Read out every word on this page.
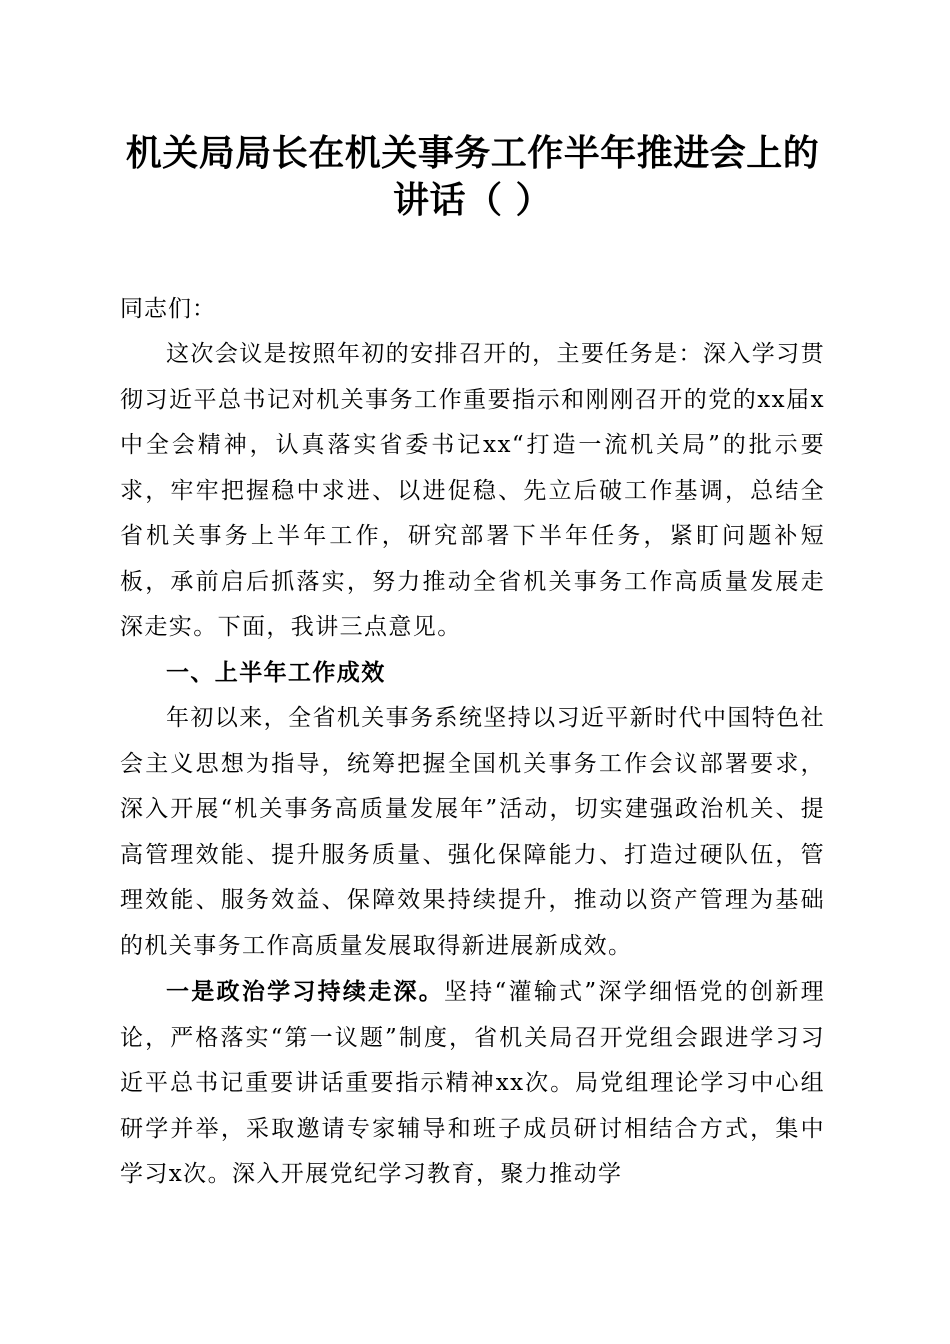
机关局局长在机关事务工作半年推进会上的讲话（ ）

同志们：

这次会议是按照年初的安排召开的，主要任务是：深入学习贯彻习近平总书记对机关事务工作重要指示和刚刚召开的党的xx届x中全会精神，认真落实省委书记xx“打造一流机关局”的批示要求，牢牢把握稳中求进、以进促稳、先立后破工作基调，总结全省机关事务上半年工作，研究部署下半年任务，紧盯问题补短板，承前启后抓落实，努力推动全省机关事务工作高质量发展走深走实。下面，我讲三点意见。

一、上半年工作成效

年初以来，全省机关事务系统坚持以习近平新时代中国特色社会主义思想为指导，统筹把握全国机关事务工作会议部署要求，深入开展“机关事务高质量发展年”活动，切实建强政治机关、提高管理效能、提升服务质量、强化保障能力、打造过硬队伍，管理效能、服务效益、保障效果持续提升，推动以资产管理为基础的机关事务工作高质量发展取得新进展新成效。

一是政治学习持续走深。坚持“灌输式”深学细悟党的创新理论，严格落实“第一议题”制度，省机关局召开党组会跟进学习习近平总书记重要讲话重要指示精神xx次。局党组理论学习中心组研学并举，采取邀请专家辅导和班子成员研讨相结合方式，集中学习x次。深入开展党纪学习教育，聚力推动学
